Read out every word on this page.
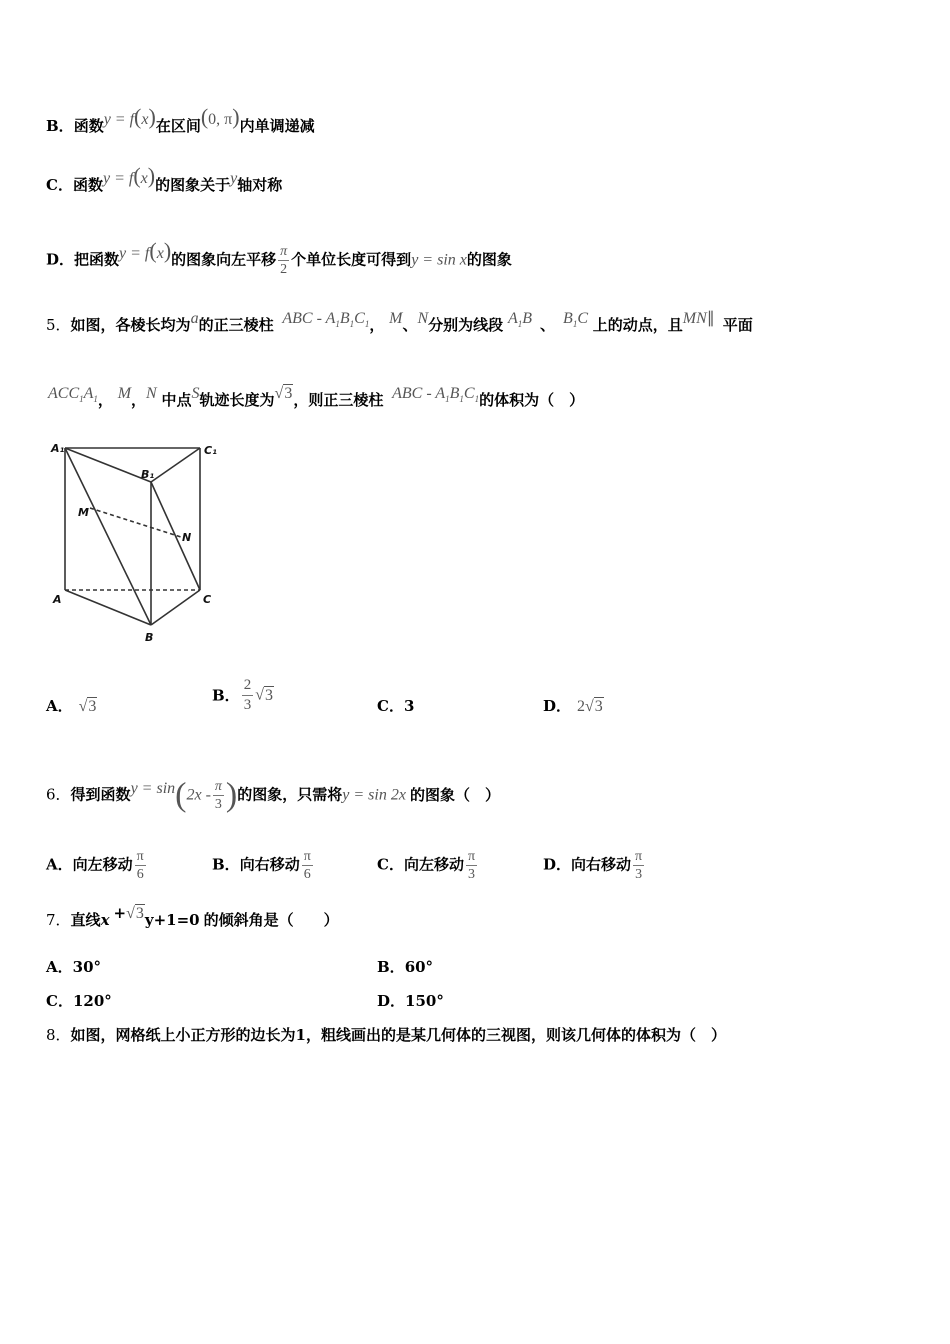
B．函数y = f(x)在区间(0, π)内单调递减
C．函数y = f(x)的图象关于y轴对称
D．把函数y = f(x)的图象向左平移 $\frac{\pi}{2}$ 个单位长度可得到y = sin x的图象
5．如图，各棱长均为a的正三棱柱 ABC - $A_1B_1C_1$， M、N分别为线段 $A_1B$ 、 $B_1C$ 上的动点，且MN∥ 平面
$ACC_1A_1$， M，N 中点S轨迹长度为√3，则正三棱柱 ABC - $A_1B_1C_1$的体积为（　）
A₁
B₁
C₁
M
N
A
B
C
A． √3
B． $\frac{2}{3} √3$
C．3	D． 2√3
6．得到函数$y = \sin(2x - \frac{\pi}{3}$ )的图象，只需将y = sin 2x 的图象（　）
A．向左移动 $\frac{\pi}{6}$	B．向右移动 $\frac{\pi}{6}$	C．向左移动 $\frac{\pi}{3}$	D．向右移动 $\frac{\pi}{3}$
7．直线x +√3y+1=0 的倾斜角是（　　）
A．30°	B．60°
C．120°	D．150°
8．如图，网格纸上小正方形的边长为1，粗线画出的是某几何体的三视图，则该几何体的体积为（　）
